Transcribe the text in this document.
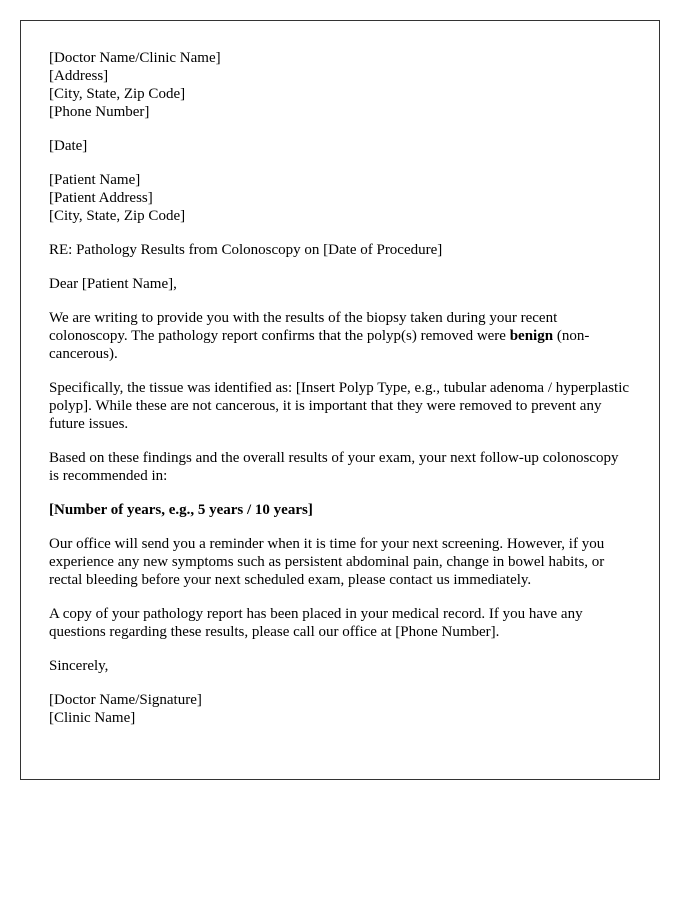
[Doctor Name/Clinic Name]
[Address]
[City, State, Zip Code]
[Phone Number]
[Date]
[Patient Name]
[Patient Address]
[City, State, Zip Code]

RE: Pathology Results from Colonoscopy on [Date of Procedure]

Dear [Patient Name],

We are writing to provide you with the results of the biopsy taken during your recent colonoscopy. The pathology report confirms that the polyp(s) removed were benign (non-cancerous).

Specifically, the tissue was identified as: [Insert Polyp Type, e.g., tubular adenoma / hyperplastic polyp]. While these are not cancerous, it is important that they were removed to prevent any future issues.

Based on these findings and the overall results of your exam, your next follow-up colonoscopy is recommended in:

[Number of years, e.g., 5 years / 10 years]

Our office will send you a reminder when it is time for your next screening. However, if you experience any new symptoms such as persistent abdominal pain, change in bowel habits, or rectal bleeding before your next scheduled exam, please contact us immediately.

A copy of your pathology report has been placed in your medical record. If you have any questions regarding these results, please call our office at [Phone Number].

Sincerely,

[Doctor Name/Signature]
[Clinic Name]
